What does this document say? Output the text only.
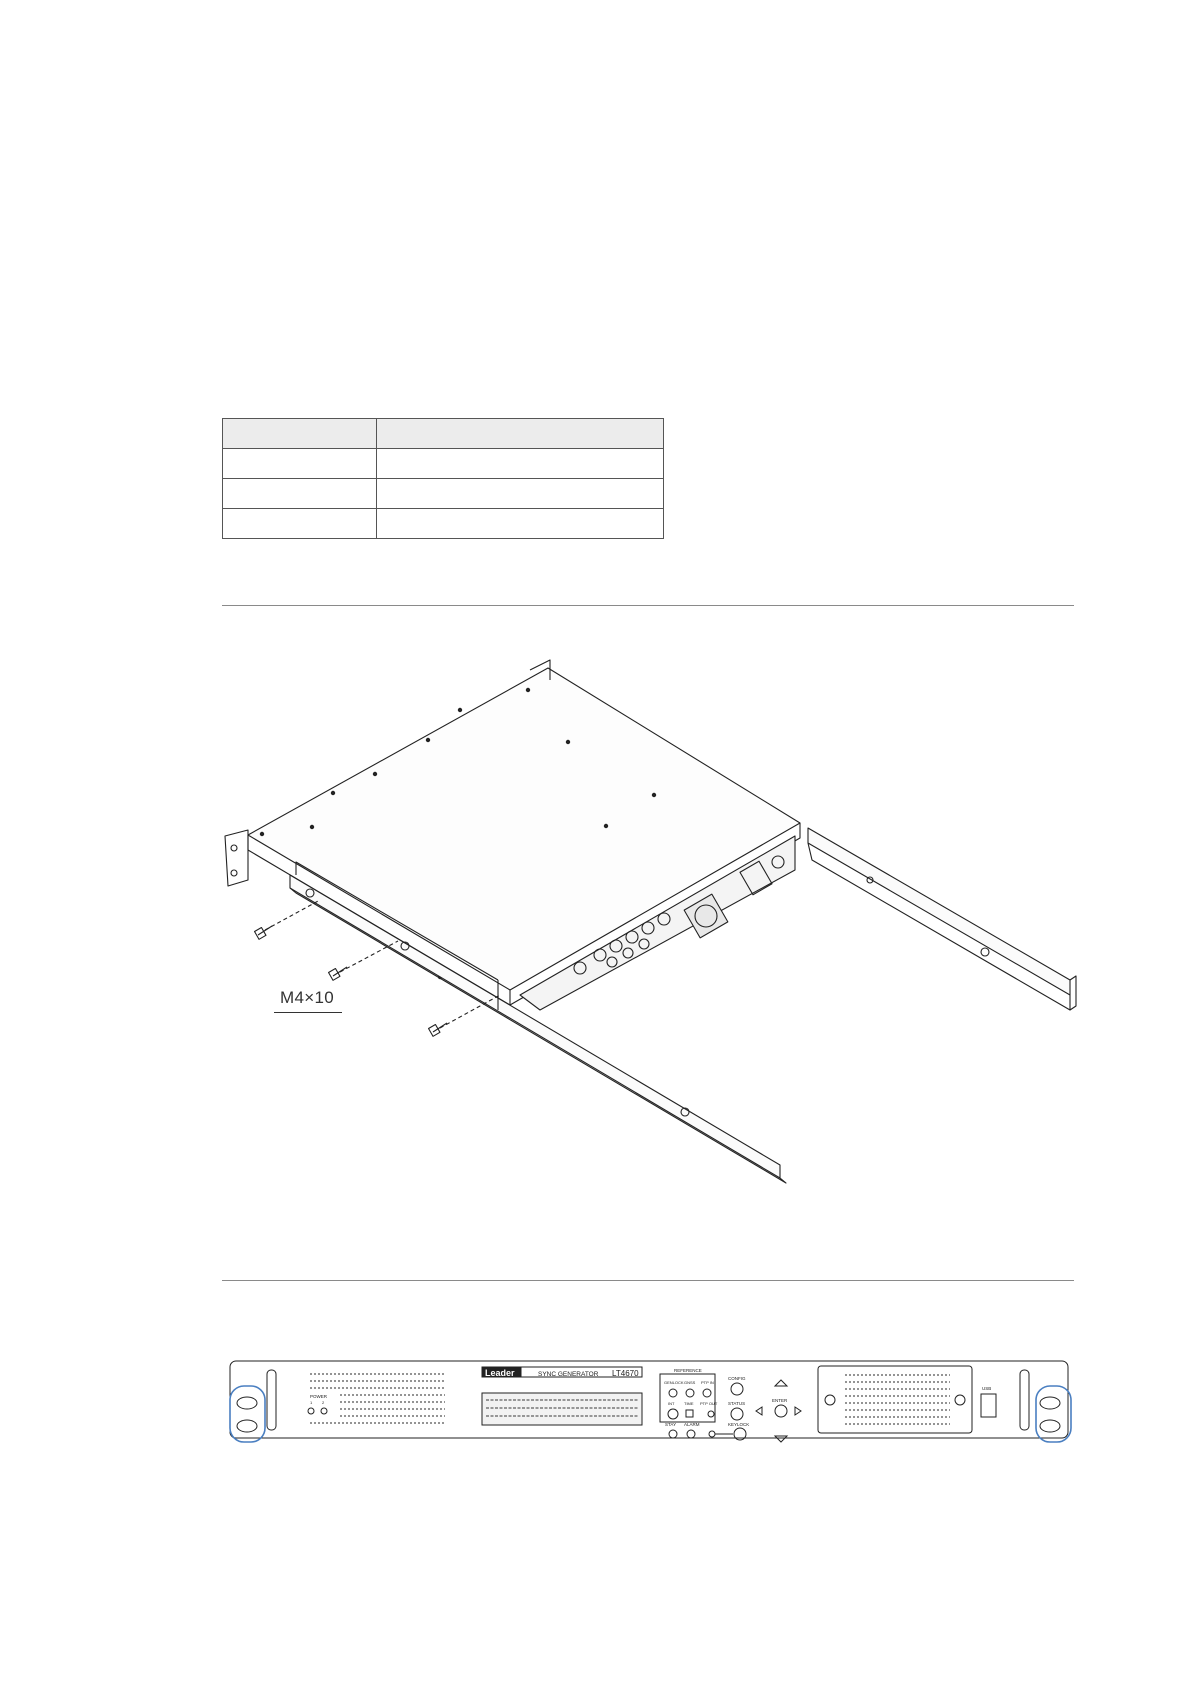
M4×10
Leader	SYNC GENERATOR LT4670	REFERENCE
GENLOCK GNSS PTP IN
INT TIME PTP OUT
POWER
1 2
CONFIG
STATUS
ENTER
STAY ALARM	KEYLOCK
USB
